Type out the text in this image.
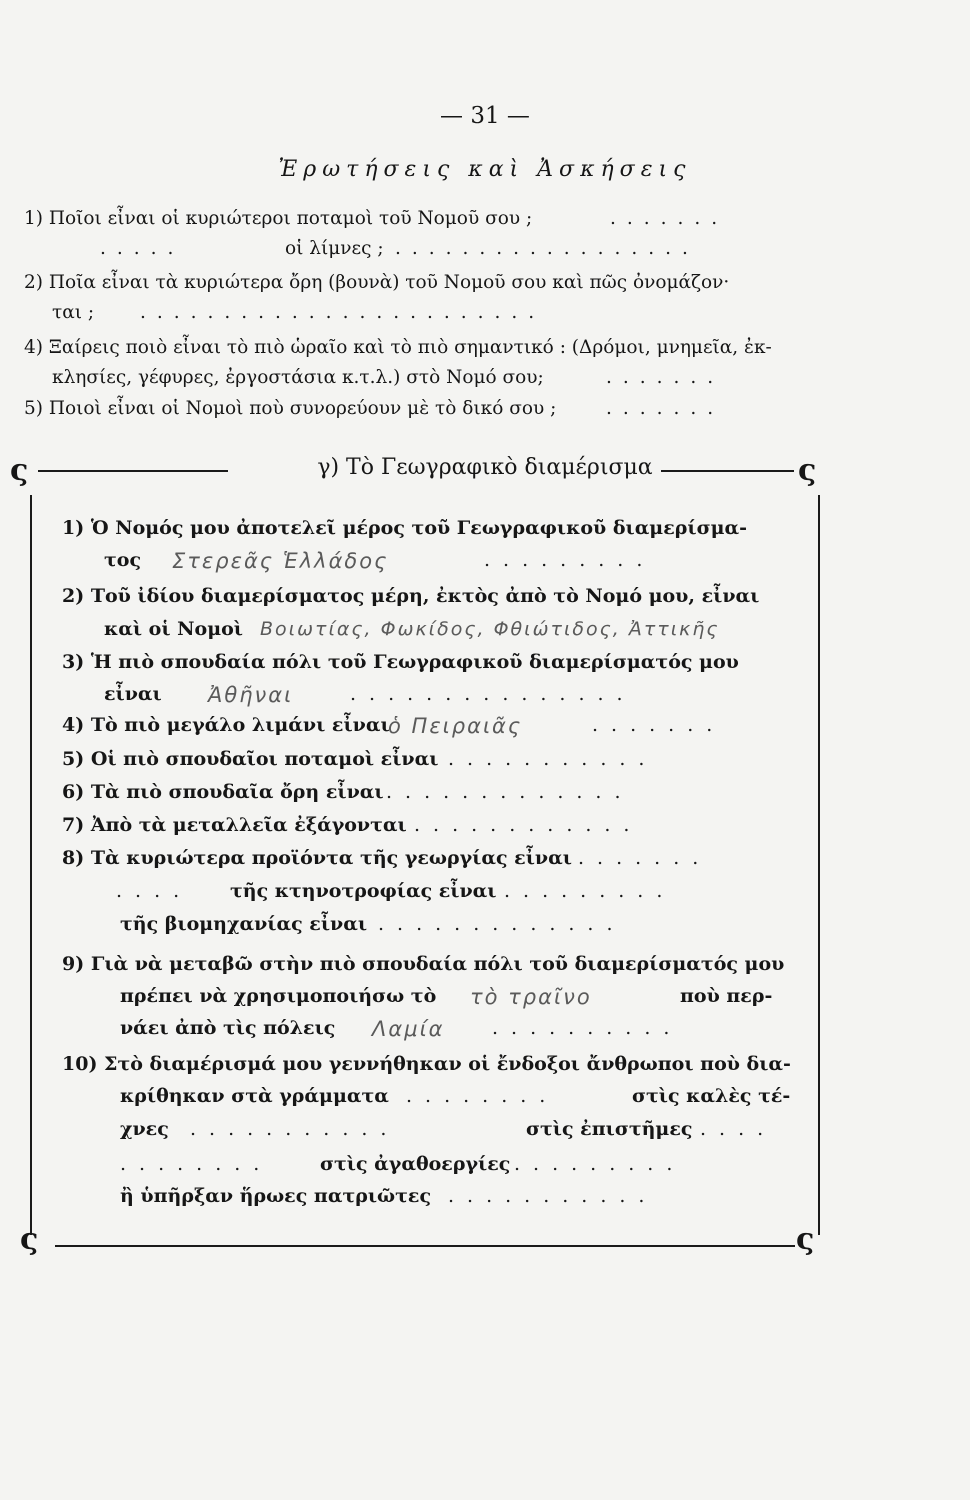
— 31 —
Ἐρωτήσεις καὶ Ἀσκήσεις
1) Ποῖοι εἶναι οἱ κυριώτεροι ποταμοὶ τοῦ Νομοῦ σου ;	.......
.....	οἱ λίμνες ; ..................
2) Ποῖα εἶναι τὰ κυριώτερα ὄρη (βουνὰ) τοῦ Νομοῦ σου καὶ πῶς ὀνομάζον·
ται ; ........................
4) Ξαίρεις ποιὸ εἶναι τὸ πιὸ ὡραῖο καὶ τὸ πιὸ σημαντικό : (Δρόμοι, μνημεῖα, ἐκ-
κλησίες, γέφυρες, ἐργοστάσια κ.τ.λ.) στὸ Νομό σου;	.......
5) Ποιοὶ εἶναι οἱ Νομοὶ ποὺ συνορεύουν μὲ τὸ δικό σου ;	.......
γ) Τὸ Γεωγραφικὸ διαμέρισμα
ς	ς
ς	ς
1) Ὁ Νομός μου ἀποτελεῖ μέρος τοῦ Γεωγραφικοῦ διαμερίσμα-
τος Στερεᾶς Ἑλλάδος	.........
2) Τοῦ ἰδίου διαμερίσματος μέρη, ἐκτὸς ἀπὸ τὸ Νομό μου, εἶναι
καὶ οἱ Νομοὶ Βοιωτίας, Φωκίδος, Φθιώτιδος, Ἀττικῆς
3) Ἡ πιὸ σπουδαία πόλι τοῦ Γεωγραφικοῦ διαμερίσματός μου
εἶναι Ἀθῆναι	...............
4) Τὸ πιὸ μεγάλο λιμάνι εἶναι
ὁ Πειραιᾶς	.......
5) Οἱ πιὸ σπουδαῖοι ποταμοὶ εἶναι ...........
6) Τὰ πιὸ σπουδαῖα ὄρη εἶναι .............
7) Ἀπὸ τὰ μεταλλεῖα ἐξάγονται ............
8) Τὰ κυριώτερα προϊόντα τῆς γεωργίας εἶναι .......
.... τῆς κτηνοτροφίας εἶναι .........
τῆς βιομηχανίας εἶναι .............
9) Γιὰ νὰ μεταβῶ στὴν πιὸ σπουδαία πόλι τοῦ διαμερίσματός μου
πρέπει νὰ χρησιμοποιήσω τὸ τὸ τραῖνο	ποὺ περ-
νάει ἀπὸ τὶς πόλεις Λαμία ..........
10) Στὸ διαμέρισμά μου γεννήθηκαν οἱ ἔνδοξοι ἄνθρωποι ποὺ δια-
κρίθηκαν στὰ γράμματα ........	στὶς καλὲς τέ-
χνες ...........	στὶς ἐπιστῆμες ....
........	στὶς ἀγαθοεργίες .........
ἢ ὑπῆρξαν ἥρωες πατριῶτες ...........
